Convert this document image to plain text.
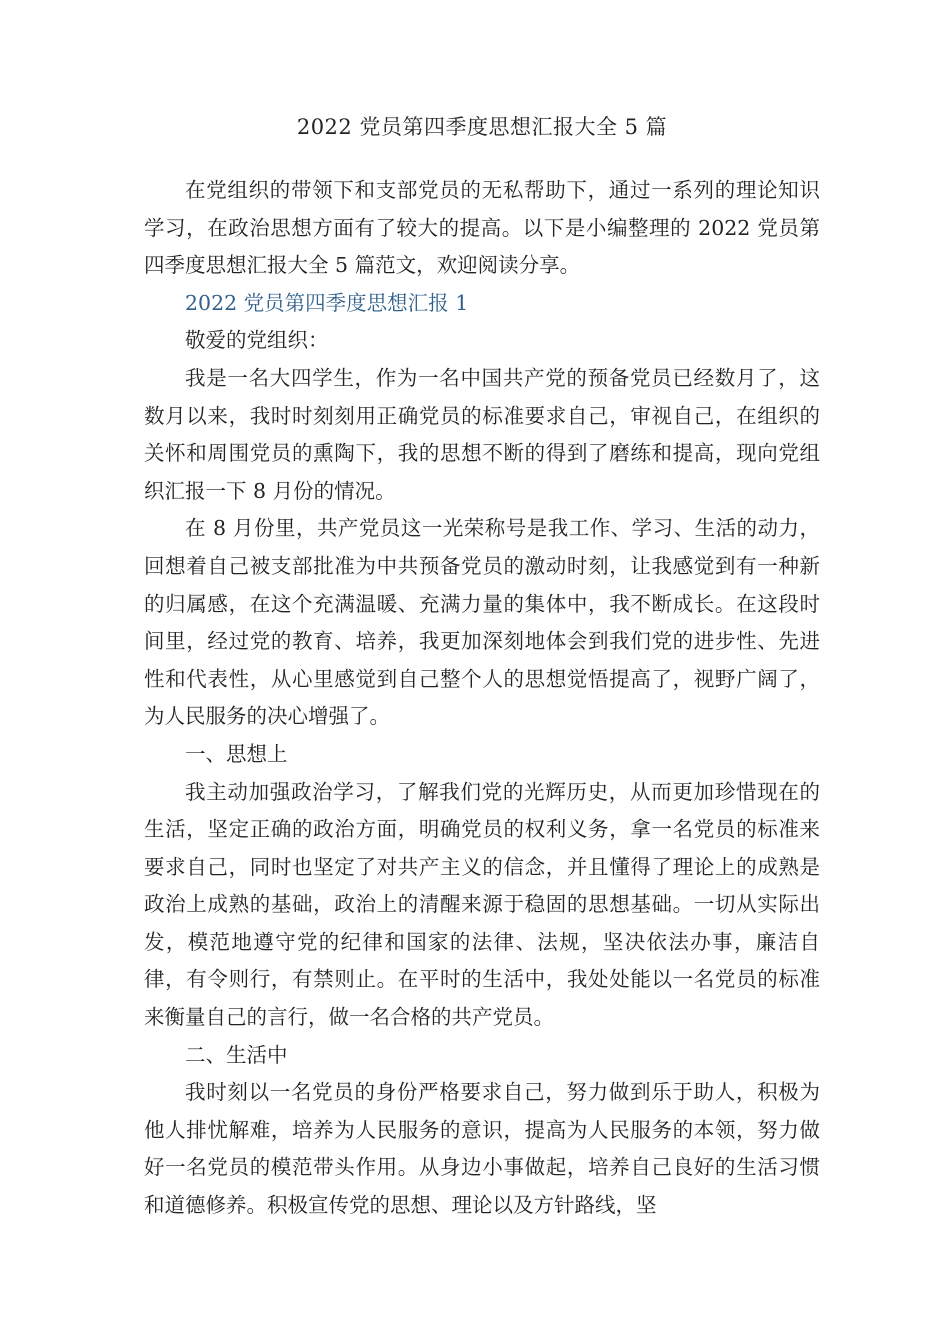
2022 党员第四季度思想汇报大全 5 篇

在党组织的带领下和支部党员的无私帮助下，通过一系列的理论知识学习，在政治思想方面有了较大的提高。以下是小编整理的 2022 党员第四季度思想汇报大全 5 篇范文，欢迎阅读分享。

2022 党员第四季度思想汇报 1

敬爱的党组织：

我是一名大四学生，作为一名中国共产党的预备党员已经数月了，这数月以来，我时时刻刻用正确党员的标准要求自己，审视自己，在组织的关怀和周围党员的熏陶下，我的思想不断的得到了磨练和提高，现向党组织汇报一下 8 月份的情况。

在 8 月份里，共产党员这一光荣称号是我工作、学习、生活的动力，回想着自己被支部批准为中共预备党员的激动时刻，让我感觉到有一种新的归属感，在这个充满温暖、充满力量的集体中，我不断成长。在这段时间里，经过党的教育、培养，我更加深刻地体会到我们党的进步性、先进性和代表性，从心里感觉到自己整个人的思想觉悟提高了，视野广阔了，为人民服务的决心增强了。

一、思想上

我主动加强政治学习，了解我们党的光辉历史，从而更加珍惜现在的生活，坚定正确的政治方面，明确党员的权利义务，拿一名党员的标准来要求自己，同时也坚定了对共产主义的信念，并且懂得了理论上的成熟是政治上成熟的基础，政治上的清醒来源于稳固的思想基础。一切从实际出发，模范地遵守党的纪律和国家的法律、法规，坚决依法办事，廉洁自律，有令则行，有禁则止。在平时的生活中，我处处能以一名党员的标准来衡量自己的言行，做一名合格的共产党员。

二、生活中

我时刻以一名党员的身份严格要求自己，努力做到乐于助人，积极为他人排忧解难，培养为人民服务的意识，提高为人民服务的本领，努力做好一名党员的模范带头作用。从身边小事做起，培养自己良好的生活习惯和道德修养。积极宣传党的思想、理论以及方针路线，坚
